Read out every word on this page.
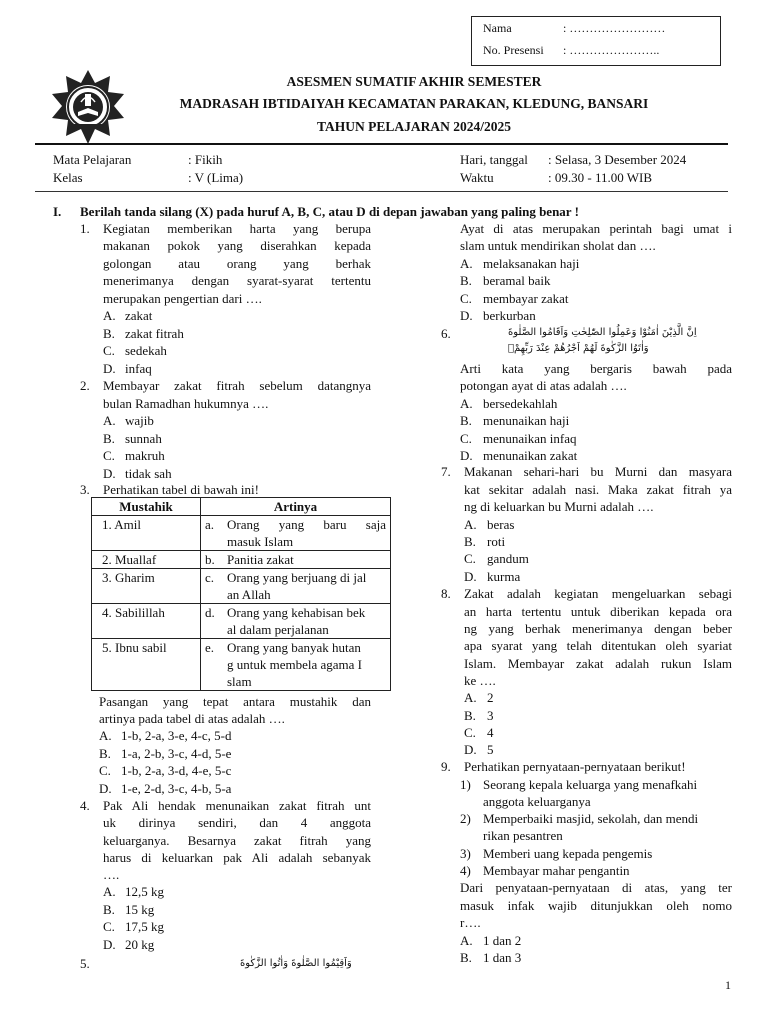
Nama	: ……………………
No. Presensi : …………………..
ASESMEN SUMATIF AKHIR SEMESTER
MADRASAH IBTIDAIYAH KECAMATAN PARAKAN, KLEDUNG, BANSARI
TAHUN PELAJARAN 2024/2025
Mata Pelajaran	: Fikih
Kelas	: V (Lima)
Hari, tanggal : Selasa, 3 Desember 2024
Waktu	: 09.30 - 11.00 WIB
I. Berilah tanda silang (X) pada huruf A, B, C, atau D di depan jawaban yang paling benar !
1. Kegiatan memberikan harta yang berupa
makanan pokok yang diserahkan kepada
golongan atau orang yang berhak
menerimanya dengan syarat-syarat tertentu
merupakan pengertian dari ….
A. zakat
B. zakat fitrah
C. sedekah
D. infaq
2. Membayar zakat fitrah sebelum datangnya
bulan Ramadhan hukumnya ….
A. wajib
B. sunnah
C. makruh
D. tidak sah
3. Perhatikan tabel di bawah ini!
Mustahik	Artinya	
1. Amil	a.	Orang yang baru saja
masuk Islam

2. Muallaf	b.	Panitia zakat

3. Gharim	c.	Orang yang berjuang di jal
an Allah

4. Sabilillah	d.	Orang yang kehabisan bek
al dalam perjalanan

5. Ibnu sabil	e.	Orang yang banyak hutan
g untuk membela agama I
slam
Pasangan yang tepat antara mustahik dan
artinya pada tabel di atas adalah ….
A. 1-b, 2-a, 3-e, 4-c, 5-d
B. 1-a, 2-b, 3-c, 4-d, 5-e
C. 1-b, 2-a, 3-d, 4-e, 5-c
D. 1-e, 2-d, 3-c, 4-b, 5-a
4. Pak Ali hendak menunaikan zakat fitrah unt
uk dirinya sendiri, dan 4 anggota
keluarganya. Besarnya zakat fitrah yang
harus di keluarkan pak Ali adalah sebanyak
….
A. 12,5 kg
B. 15 kg
C. 17,5 kg
D. 20 kg
5.	وَاَقِيْمُوا الصَّلٰوةَ وَاٰتُوا الزَّكٰوةَ
Ayat di atas merupakan perintah bagi umat i
slam untuk mendirikan sholat dan ….
A. melaksanakan haji
B. beramal baik
C. membayar zakat
D. berkurban
6.	اِنَّ الَّذِيْنَ اٰمَنُوْا وَعَمِلُوا الصّٰلِحٰتِ وَاَقَامُوا الصَّلٰوةَ
وَاٰتَوُا الزَّكٰوةَ لَهُمْ اَجْرُهُمْ عِنْدَ رَبِّهِمْۚ
Arti kata yang bergaris bawah pada
potongan ayat di atas adalah ….
A. bersedekahlah
B. menunaikan haji
C. menunaikan infaq
D. menunaikan zakat
7. Makanan sehari-hari bu Murni dan masyara
kat sekitar adalah nasi. Maka zakat fitrah ya
ng di keluarkan bu Murni adalah ….
A. beras
B. roti
C. gandum
D. kurma
8. Zakat adalah kegiatan mengeluarkan sebagi
an harta tertentu untuk diberikan kepada ora
ng yang berhak menerimanya dengan beber
apa syarat yang telah ditentukan oleh syariat
Islam. Membayar zakat adalah rukun Islam
ke ….
A. 2
B. 3
C. 4
D. 5
9. Perhatikan pernyataan-pernyataan berikut!
1) Seorang kepala keluarga yang menafkahi
anggota keluarganya
2) Memperbaiki masjid, sekolah, dan mendi
rikan pesantren
3) Memberi uang kepada pengemis
4) Membayar mahar pengantin
Dari penyataan-pernyataan di atas, yang ter
masuk infak wajib ditunjukkan oleh nomo
r….
A. 1 dan 2
B. 1 dan 3
1
